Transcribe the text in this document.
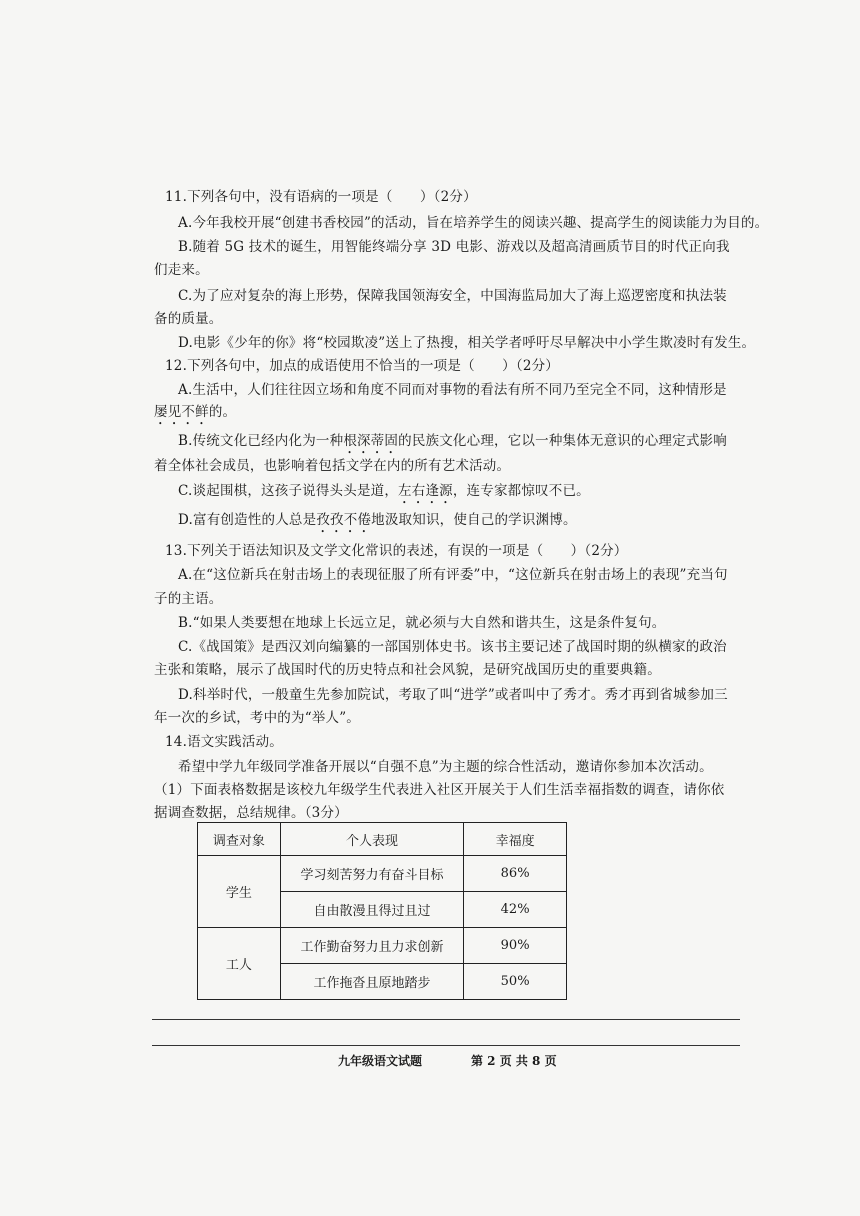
11.下列各句中，没有语病的一项是（　　）（2分）
A.今年我校开展“创建书香校园”的活动，旨在培养学生的阅读兴趣、提高学生的阅读能力为目的。
B.随着 5G 技术的诞生，用智能终端分享 3D 电影、游戏以及超高清画质节目的时代正向我
们走来。
C.为了应对复杂的海上形势，保障我国领海安全，中国海监局加大了海上巡逻密度和执法装
备的质量。
D.电影《少年的你》将“校园欺凌”送上了热搜，相关学者呼吁尽早解决中小学生欺凌时有发生。
12.下列各句中，加点的成语使用不恰当的一项是（　　）（2分）
A.生活中，人们往往因立场和角度不同而对事物的看法有所不同乃至完全不同，这种情形是
屡见不鲜的。
B.传统文化已经内化为一种根深蒂固的民族文化心理，它以一种集体无意识的心理定式影响
着全体社会成员，也影响着包括文学在内的所有艺术活动。
C.谈起围棋，这孩子说得头头是道，左右逢源，连专家都惊叹不已。
D.富有创造性的人总是孜孜不倦地汲取知识，使自己的学识渊博。
13.下列关于语法知识及文学文化常识的表述，有误的一项是（　　）（2分）
A.在“这位新兵在射击场上的表现征服了所有评委”中，“这位新兵在射击场上的表现”充当句
子的主语。
B.“如果人类要想在地球上长远立足，就必须与大自然和谐共生，这是条件复句。
C.《战国策》是西汉刘向编纂的一部国别体史书。该书主要记述了战国时期的纵横家的政治
主张和策略，展示了战国时代的历史特点和社会风貌，是研究战国历史的重要典籍。
D.科举时代，一般童生先参加院试，考取了叫“进学”或者叫中了秀才。秀才再到省城参加三
年一次的乡试，考中的为“举人”。
14.语文实践活动。
希望中学九年级同学准备开展以“自强不息”为主题的综合性活动，邀请你参加本次活动。
（1）下面表格数据是该校九年级学生代表进入社区开展关于人们生活幸福指数的调查，请你依
据调查数据，总结规律。（3分）
调查对象	个人表现	幸福度
学生	学习刻苦努力有奋斗目标	86%
	自由散漫且得过且过	42%
工人	工作勤奋努力且力求创新	90%
	工作拖沓且原地踏步	50%
九年级语文试题	第 2 页 共 8 页
